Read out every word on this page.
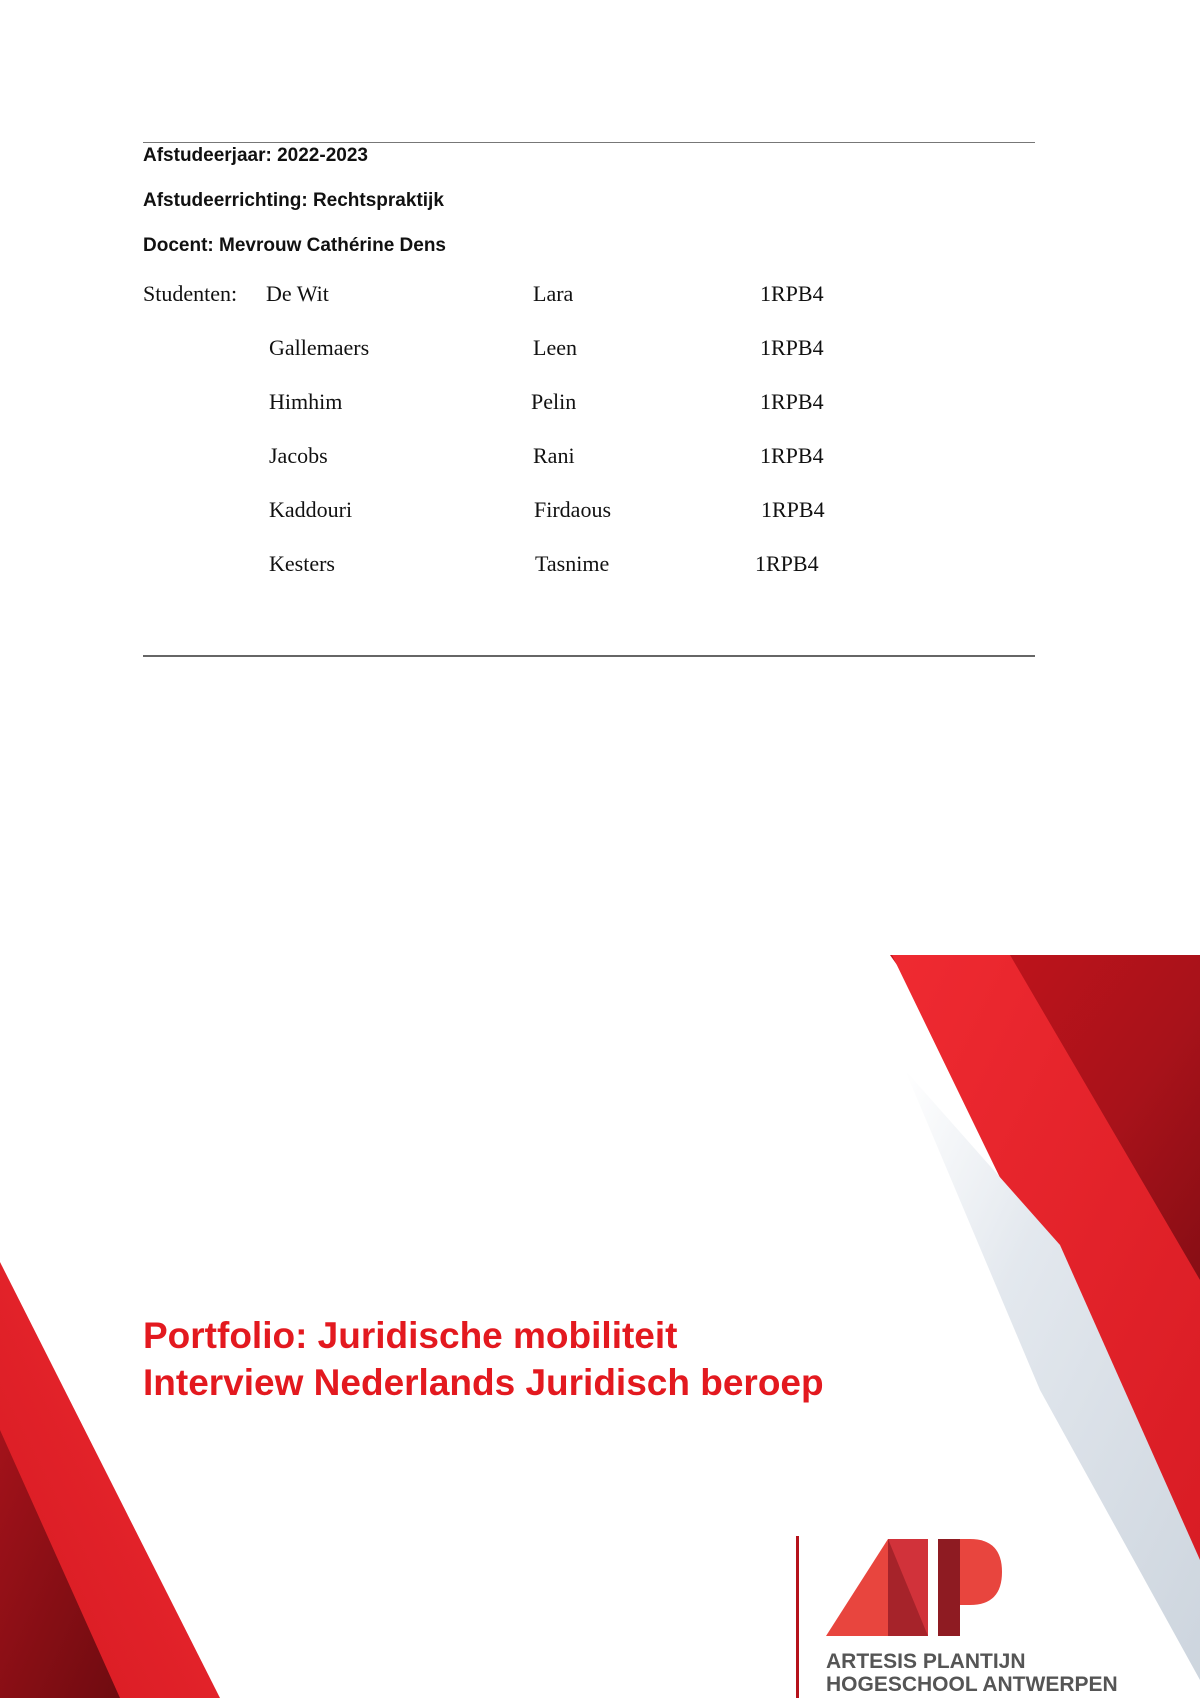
Afstudeerjaar: 2022-2023
Afstudeerrichting: Rechtspraktijk
Docent: Mevrouw Cathérine Dens
Studenten: De Wit	Lara	1RPB4
Gallemaers	Leen	1RPB4
Himhim	Pelin	1RPB4
Jacobs	Rani	1RPB4
Kaddouri	Firdaous	1RPB4
Kesters	Tasnime	1RPB4
Portfolio: Juridische mobiliteit
Interview Nederlands Juridisch beroep
ARTESIS PLANTIJN
HOGESCHOOL ANTWERPEN
